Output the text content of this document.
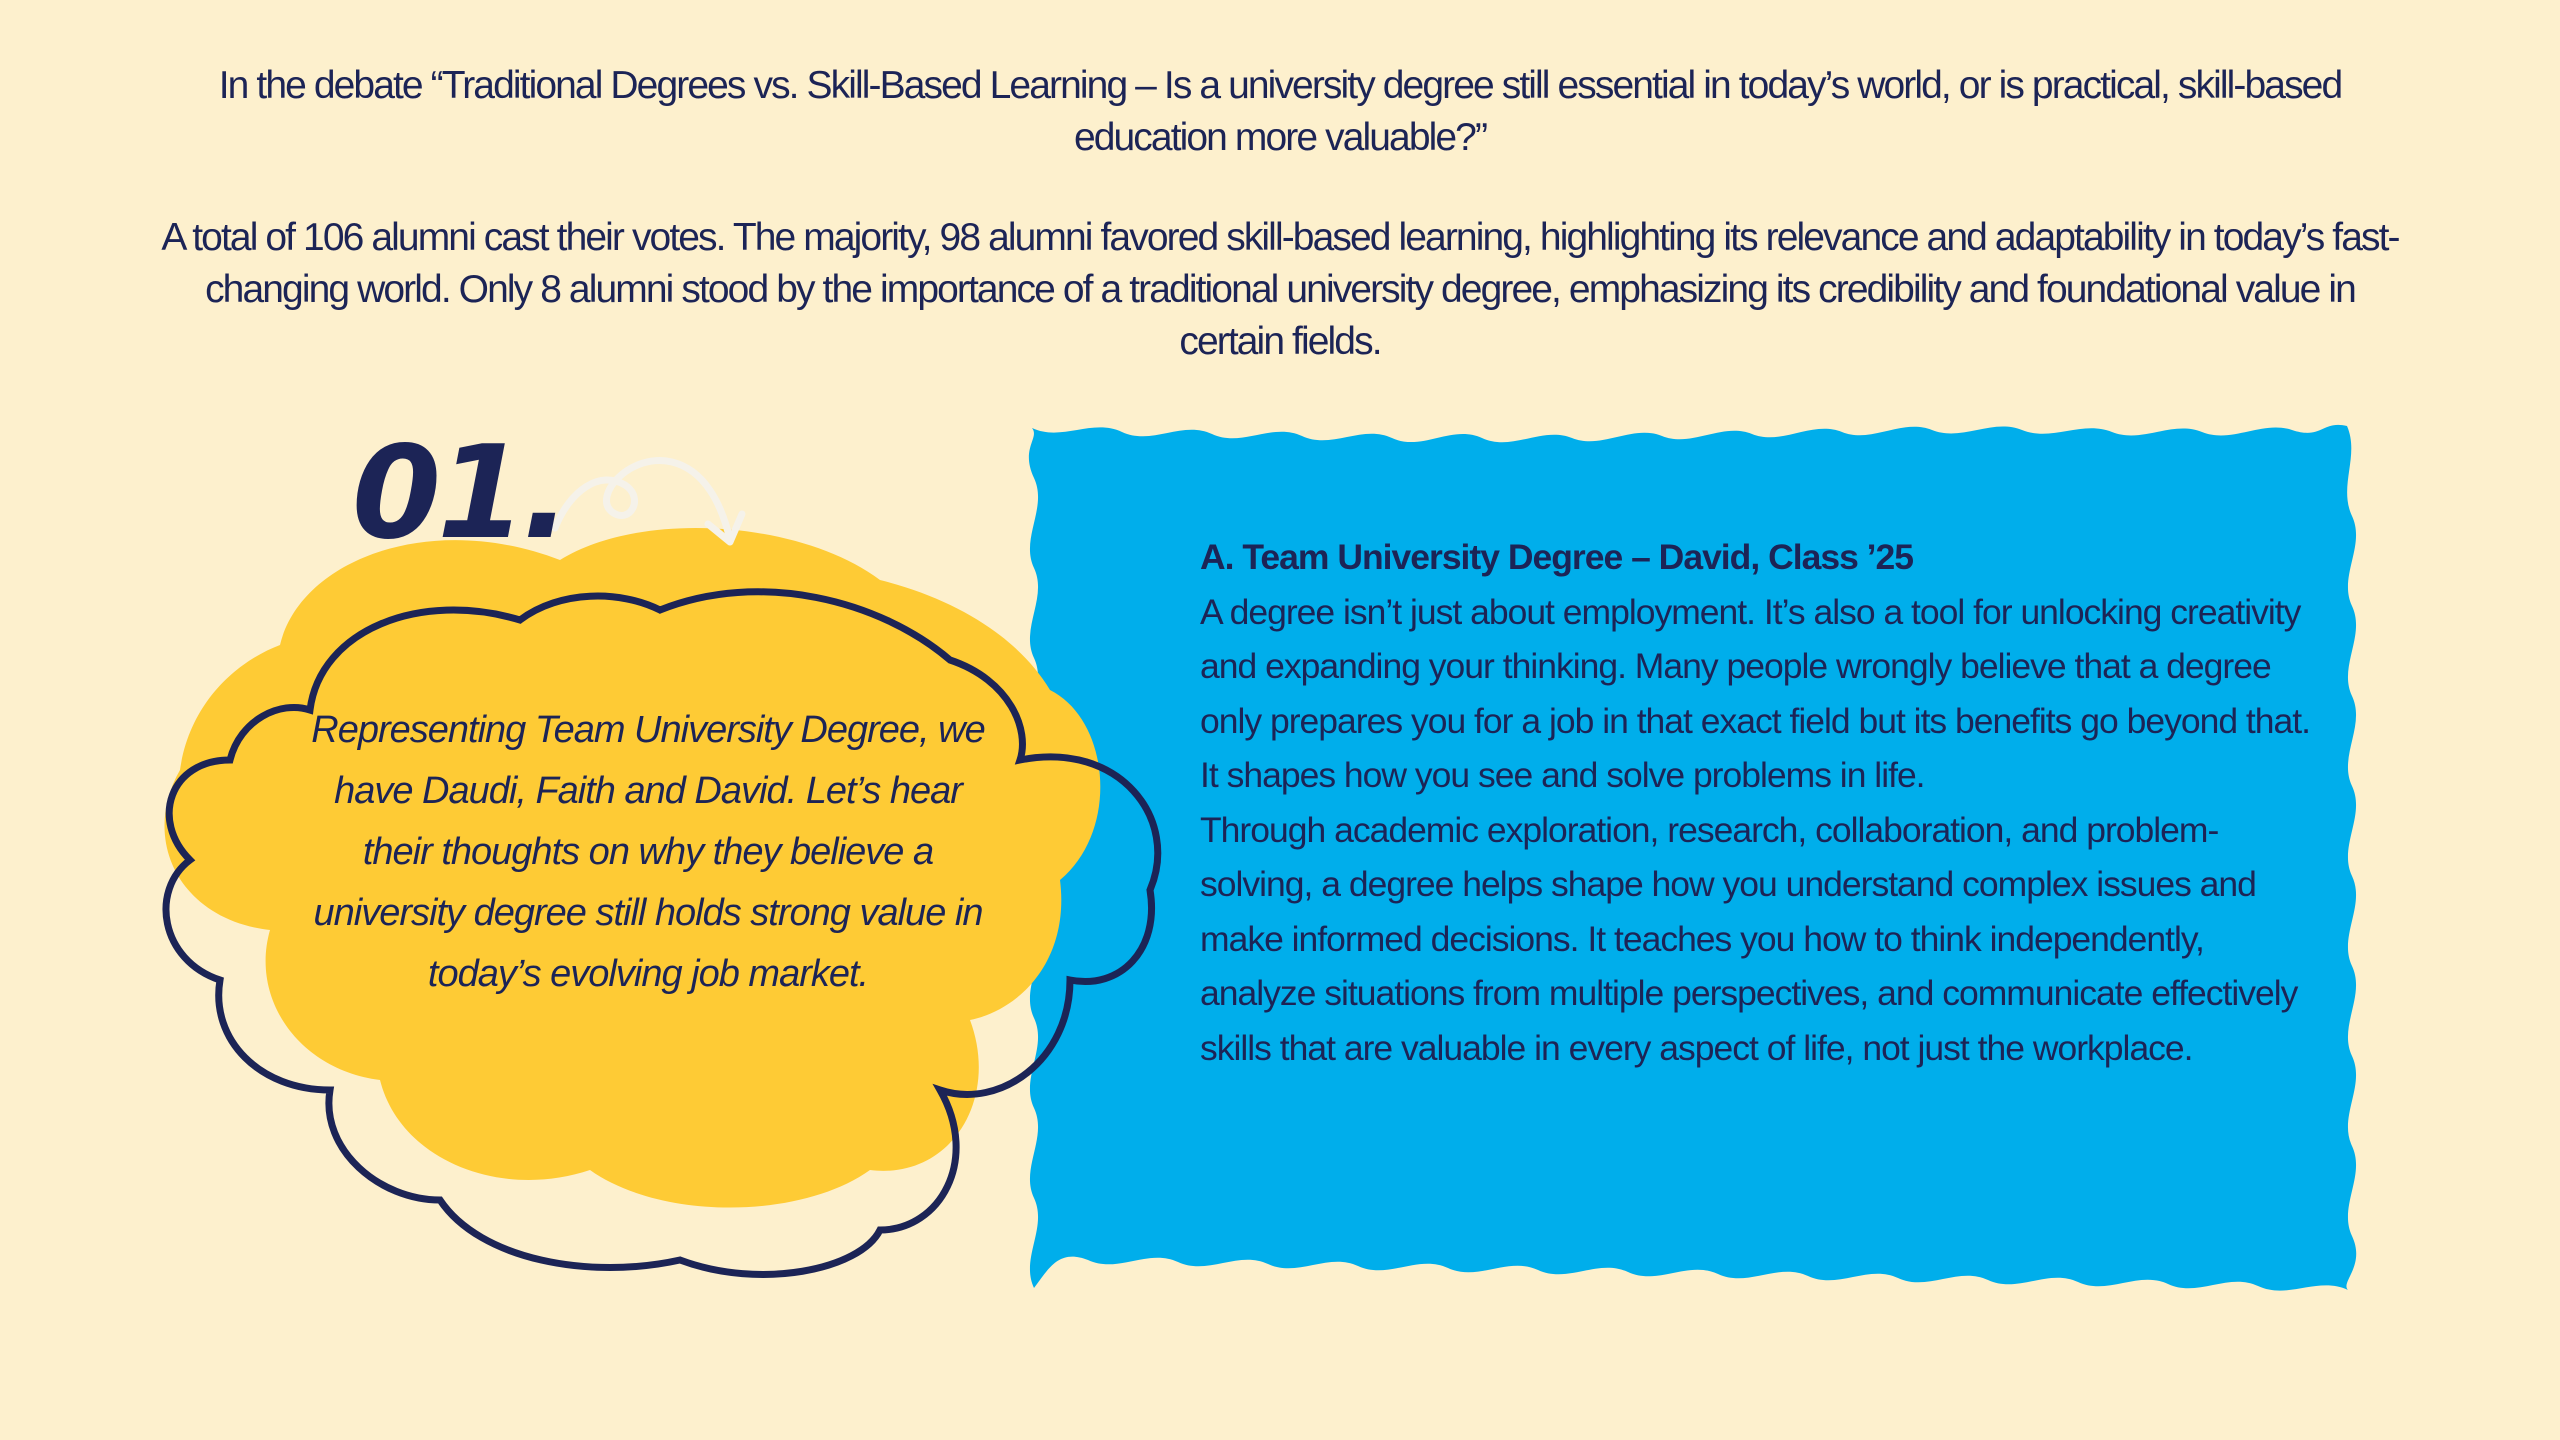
In the debate “Traditional Degrees vs. Skill-Based Learning – Is a university degree still essential in today’s world, or is practical, skill-based education more valuable?”

A total of 106 alumni cast their votes. The majority, 98 alumni favored skill-based learning, highlighting its relevance and adaptability in today’s fast-changing world. Only 8 alumni stood by the importance of a traditional university degree, emphasizing its credibility and foundational value in certain fields.

01.
Representing Team University Degree, we have Daudi, Faith and David. Let’s hear their thoughts on why they believe a university degree still holds strong value in today’s evolving job market.
A. Team University Degree – David, Class ’25

A degree isn’t just about employment. It’s also a tool for unlocking creativity and expanding your thinking. Many people wrongly believe that a degree only prepares you for a job in that exact field but its benefits go beyond that. It shapes how you see and solve problems in life.

Through academic exploration, research, collaboration, and problem-solving, a degree helps shape how you understand complex issues and make informed decisions. It teaches you how to think independently, analyze situations from multiple perspectives, and communicate effectively skills that are valuable in every aspect of life, not just the workplace.
